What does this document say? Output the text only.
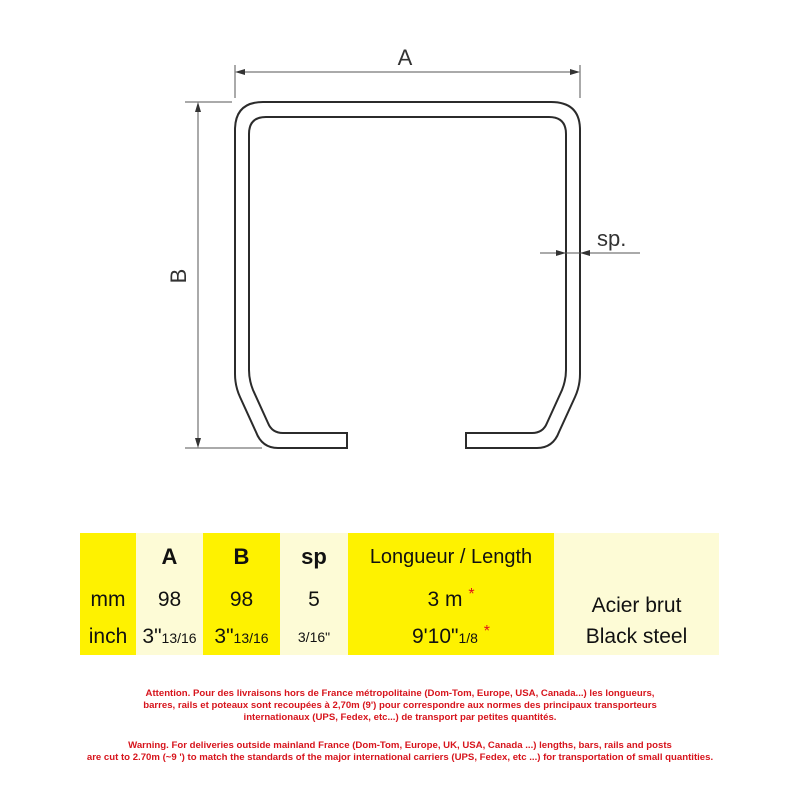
A
B
sp.
	A	B	sp	Longueur / Length	
mm	98	98	5	3 m *	Acier brut
inch	3"13/16	3"13/16	3/16"	9'10"1/8 *	Black steel
Attention. Pour des livraisons hors de France métropolitaine (Dom-Tom, Europe, USA, Canada...) les longueurs,
barres, rails et poteaux sont recoupées à 2,70m (9') pour correspondre aux normes des principaux transporteurs
internationaux (UPS, Fedex, etc...) de transport par petites quantités.
Warning. For deliveries outside mainland France (Dom-Tom, Europe, UK, USA, Canada ...) lengths, bars, rails and posts
are cut to 2.70m (~9 ') to match the standards of the major international carriers (UPS, Fedex, etc ...) for transportation of small quantities.
